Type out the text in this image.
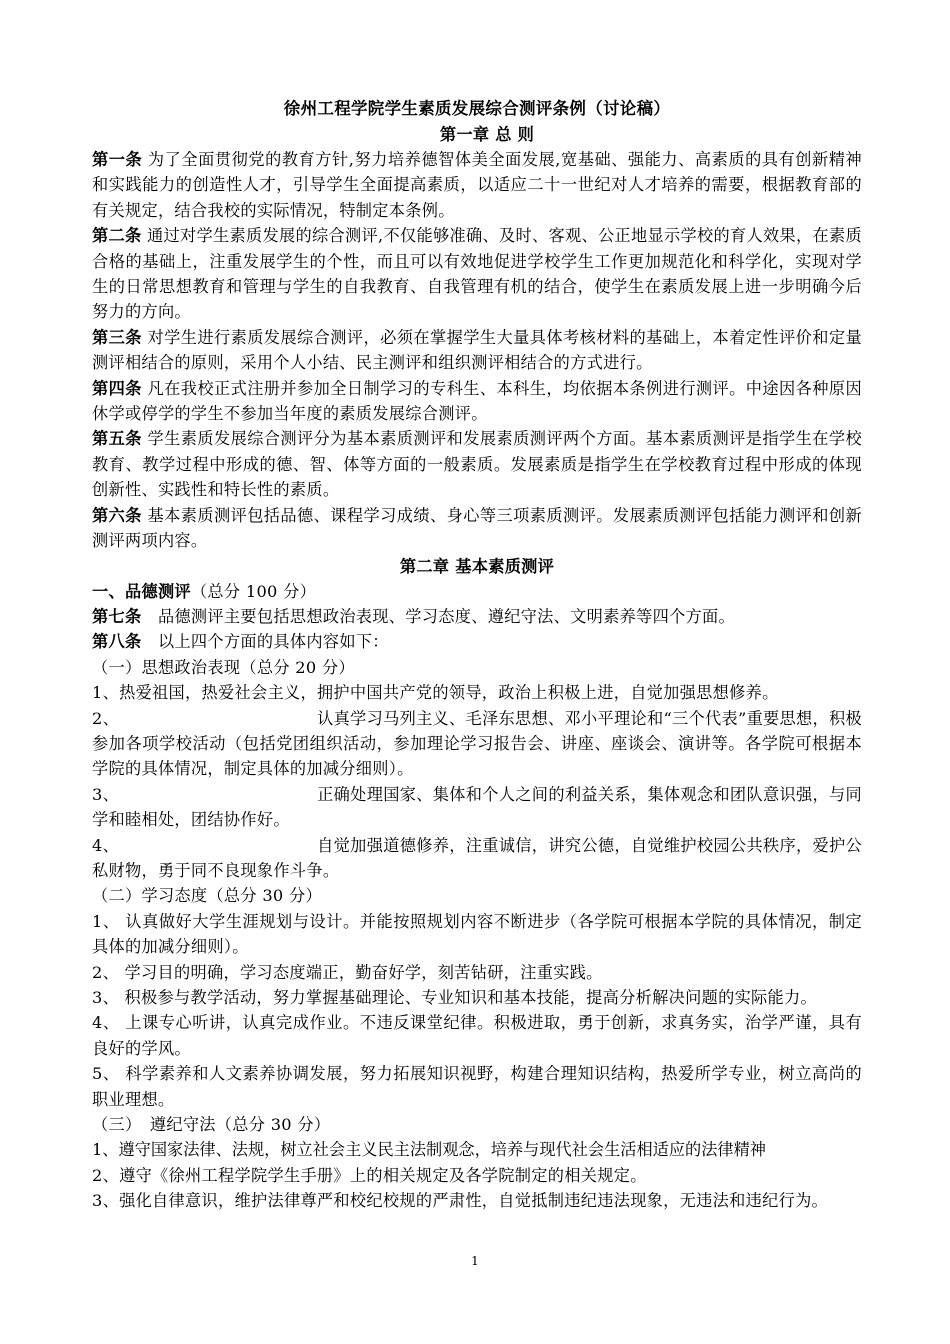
徐州工程学院学生素质发展综合测评条例（讨论稿）

第一章 总 则

第一条 为了全面贯彻党的教育方针,努力培养德智体美全面发展,宽基础、强能力、高素质的具有创新精神和实践能力的创造性人才，引导学生全面提高素质，以适应二十一世纪对人才培养的需要，根据教育部的有关规定，结合我校的实际情况，特制定本条例。

第二条 通过对学生素质发展的综合测评,不仅能够准确、及时、客观、公正地显示学校的育人效果，在素质合格的基础上，注重发展学生的个性，而且可以有效地促进学校学生工作更加规范化和科学化，实现对学生的日常思想教育和管理与学生的自我教育、自我管理有机的结合，使学生在素质发展上进一步明确今后努力的方向。

第三条 对学生进行素质发展综合测评，必须在掌握学生大量具体考核材料的基础上，本着定性评价和定量测评相结合的原则，采用个人小结、民主测评和组织测评相结合的方式进行。

第四条 凡在我校正式注册并参加全日制学习的专科生、本科生，均依据本条例进行测评。中途因各种原因休学或停学的学生不参加当年度的素质发展综合测评。

第五条 学生素质发展综合测评分为基本素质测评和发展素质测评两个方面。基本素质测评是指学生在学校教育、教学过程中形成的德、智、体等方面的一般素质。发展素质是指学生在学校教育过程中形成的体现创新性、实践性和特长性的素质。

第六条 基本素质测评包括品德、课程学习成绩、身心等三项素质测评。发展素质测评包括能力测评和创新测评两项内容。

第二章 基本素质测评

一、品德测评（总分 100 分）

第七条　品德测评主要包括思想政治表现、学习态度、遵纪守法、文明素养等四个方面。

第八条　以上四个方面的具体内容如下：

（一）思想政治表现（总分 20 分）

1、热爱祖国，热爱社会主义，拥护中国共产党的领导，政治上积极上进，自觉加强思想修养。

2、	认真学习马列主义、毛泽东思想、邓小平理论和“三个代表”重要思想，积极参加各项学校活动（包括党团组织活动，参加理论学习报告会、讲座、座谈会、演讲等。各学院可根据本学院的具体情况，制定具体的加减分细则）。

3、	正确处理国家、集体和个人之间的利益关系，集体观念和团队意识强，与同学和睦相处，团结协作好。

4、	自觉加强道德修养，注重诚信，讲究公德，自觉维护校园公共秩序，爱护公私财物，勇于同不良现象作斗争。

（二）学习态度（总分 30 分）

1、 认真做好大学生涯规划与设计。并能按照规划内容不断进步（各学院可根据本学院的具体情况，制定具体的加减分细则）。

2、 学习目的明确，学习态度端正，勤奋好学，刻苦钻研，注重实践。

3、 积极参与教学活动，努力掌握基础理论、专业知识和基本技能，提高分析解决问题的实际能力。

4、 上课专心听讲，认真完成作业。不违反课堂纪律。积极进取，勇于创新，求真务实，治学严谨，具有良好的学风。

5、 科学素养和人文素养协调发展，努力拓展知识视野，构建合理知识结构，热爱所学专业，树立高尚的职业理想。

（三）　遵纪守法（总分 30 分）

1、遵守国家法律、法规，树立社会主义民主法制观念，培养与现代社会生活相适应的法律精神

2、遵守《徐州工程学院学生手册》上的相关规定及各学院制定的相关规定。

3、强化自律意识，维护法律尊严和校纪校规的严肃性，自觉抵制违纪违法现象，无违法和违纪行为。

1
